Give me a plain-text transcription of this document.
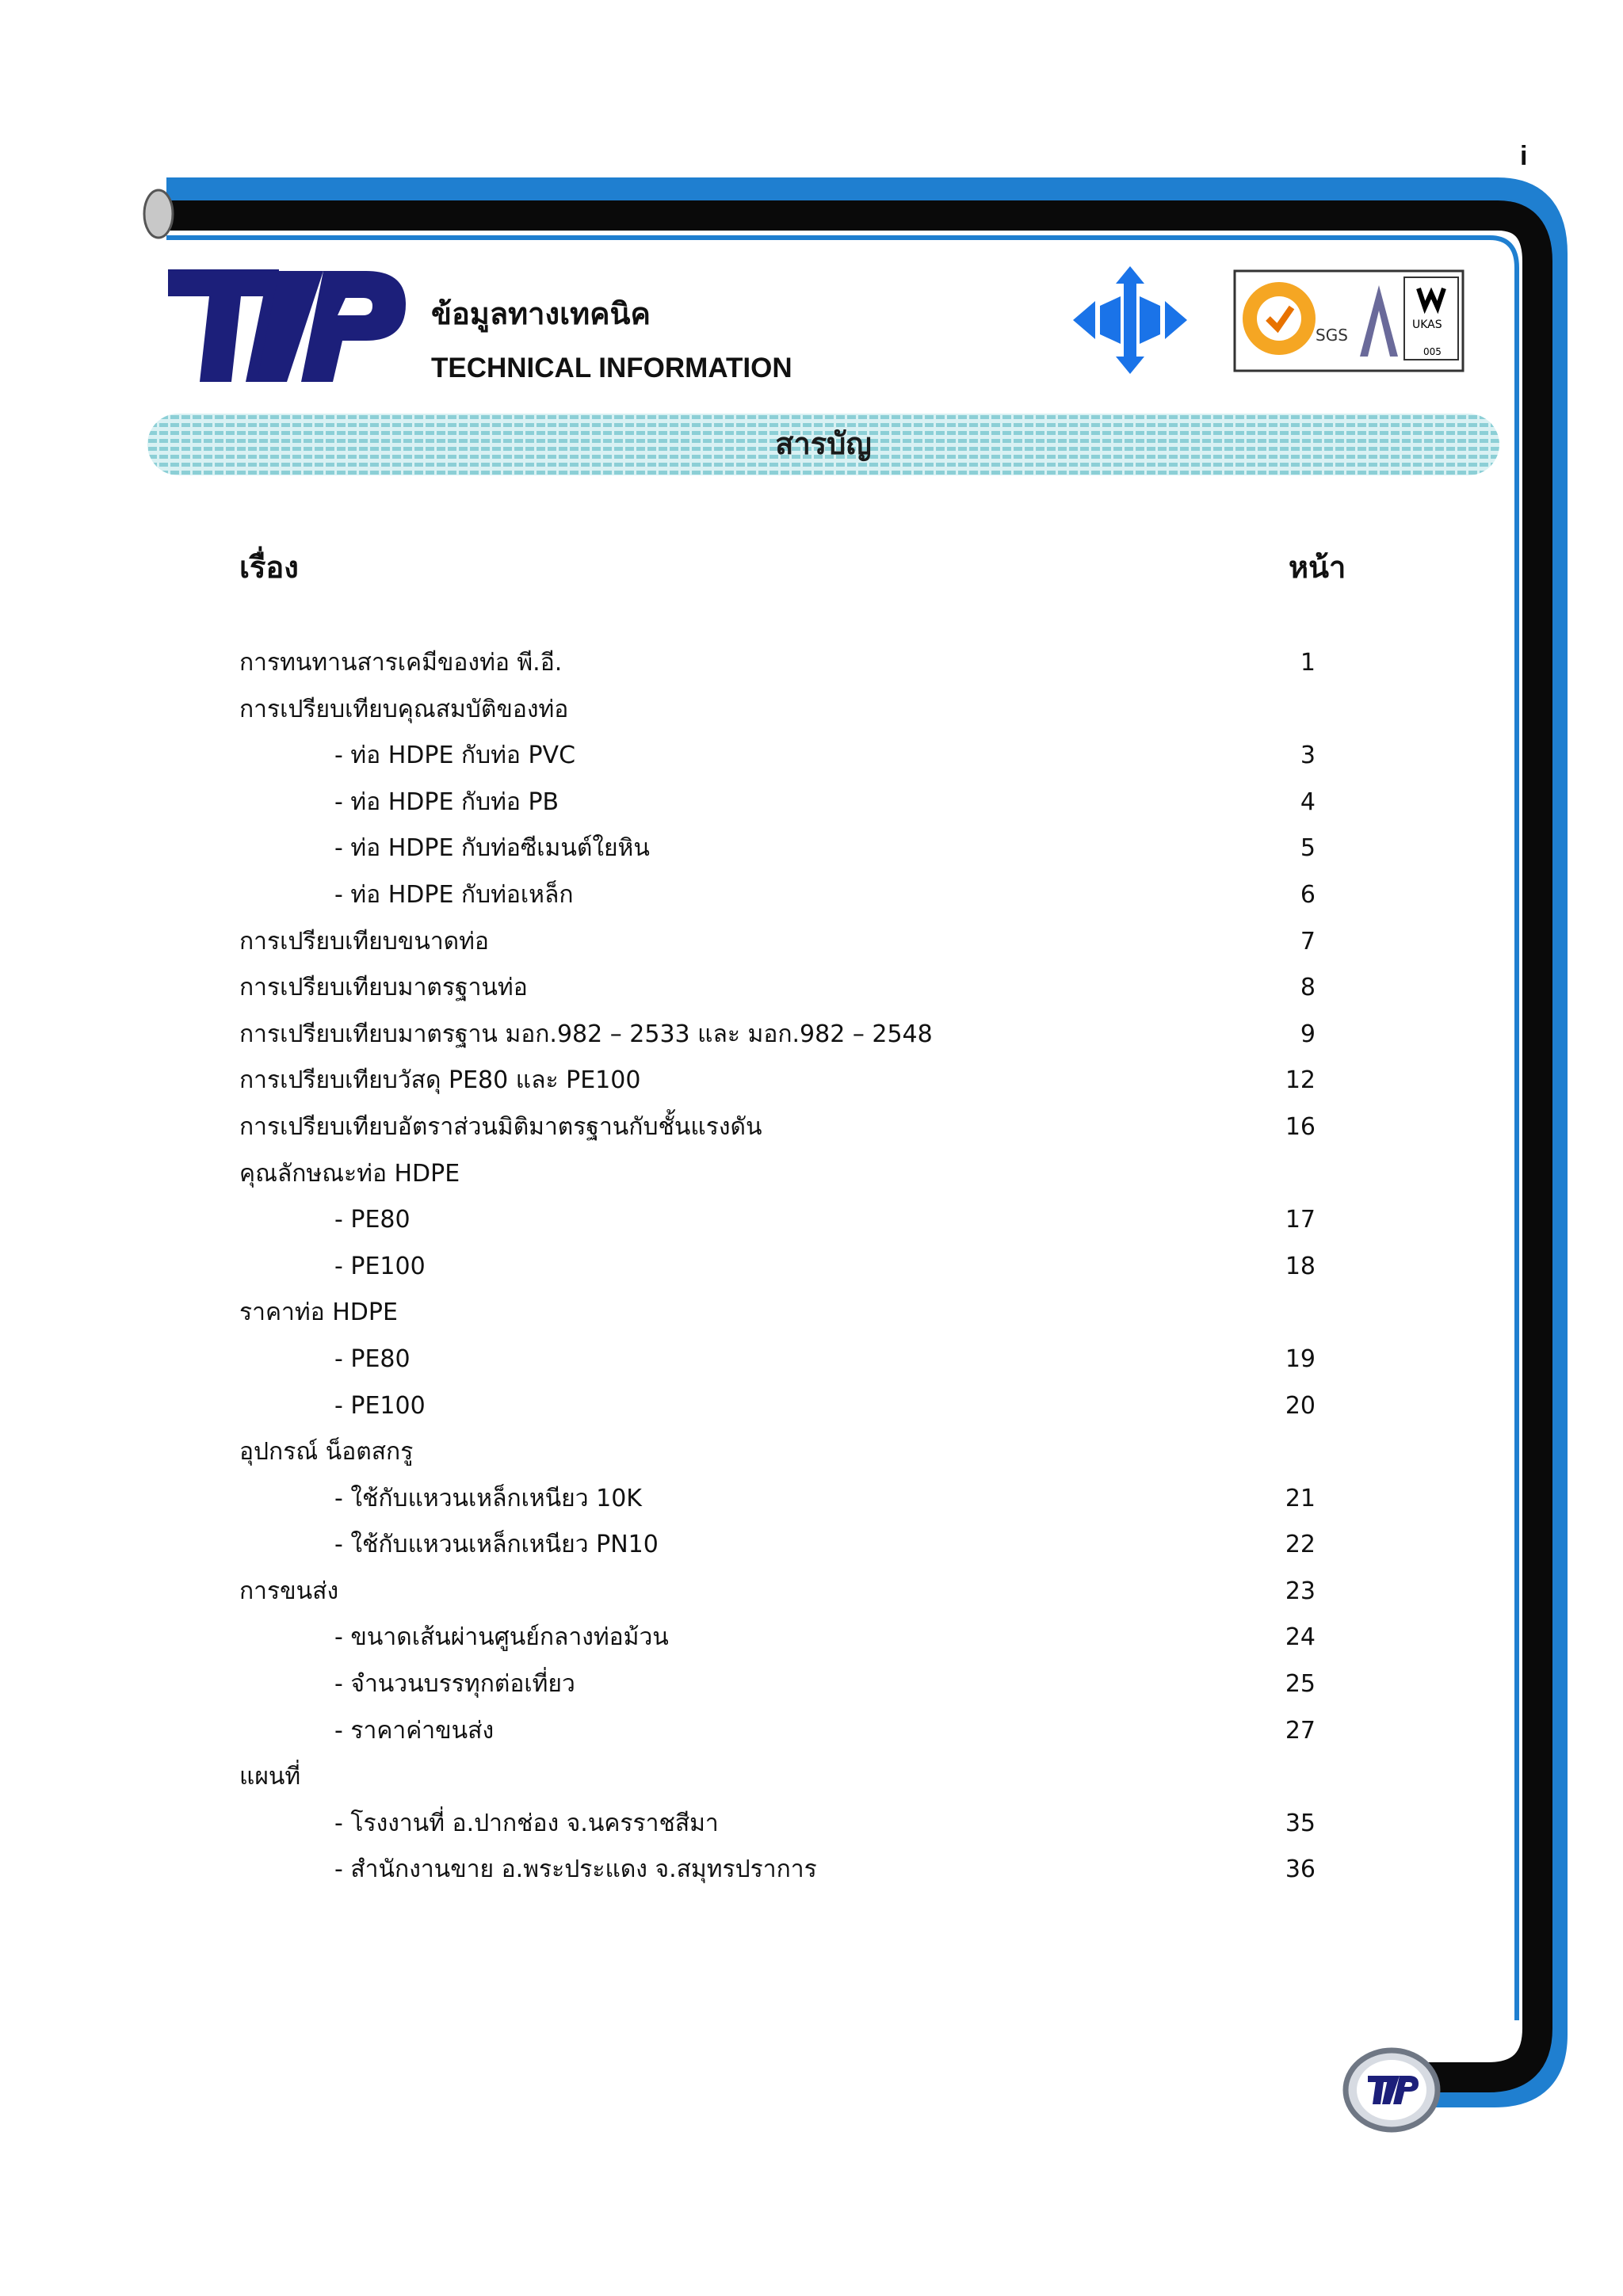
i
ข้อมูลทางเทคนิค
TECHNICAL INFORMATION
SGS
UKAS
005
สารบัญ
เรื่อง	หน้า
การทนทานสารเคมีของท่อ พี.อี.	1
การเปรียบเทียบคุณสมบัติของท่อ
- ท่อ HDPE กับท่อ PVC	3
- ท่อ HDPE กับท่อ PB	4
- ท่อ HDPE กับท่อซีเมนต์ใยหิน	5
- ท่อ HDPE กับท่อเหล็ก	6
การเปรียบเทียบขนาดท่อ	7
การเปรียบเทียบมาตรฐานท่อ	8
การเปรียบเทียบมาตรฐาน มอก.982 – 2533 และ มอก.982 – 2548	9
การเปรียบเทียบวัสดุ PE80 และ PE100	12
การเปรียบเทียบอัตราส่วนมิติมาตรฐานกับชั้นแรงดัน	16
คุณลักษณะท่อ HDPE
- PE80	17
- PE100	18
ราคาท่อ HDPE
- PE80	19
- PE100	20
อุปกรณ์ น็อตสกรู
- ใช้กับแหวนเหล็กเหนียว 10K	21
- ใช้กับแหวนเหล็กเหนียว PN10	22
การขนส่ง	23
- ขนาดเส้นผ่านศูนย์กลางท่อม้วน	24
- จำนวนบรรทุกต่อเที่ยว	25
- ราคาค่าขนส่ง	27
แผนที่
- โรงงานที่ อ.ปากช่อง จ.นครราชสีมา	35
- สำนักงานขาย อ.พระประแดง จ.สมุทรปราการ	36
